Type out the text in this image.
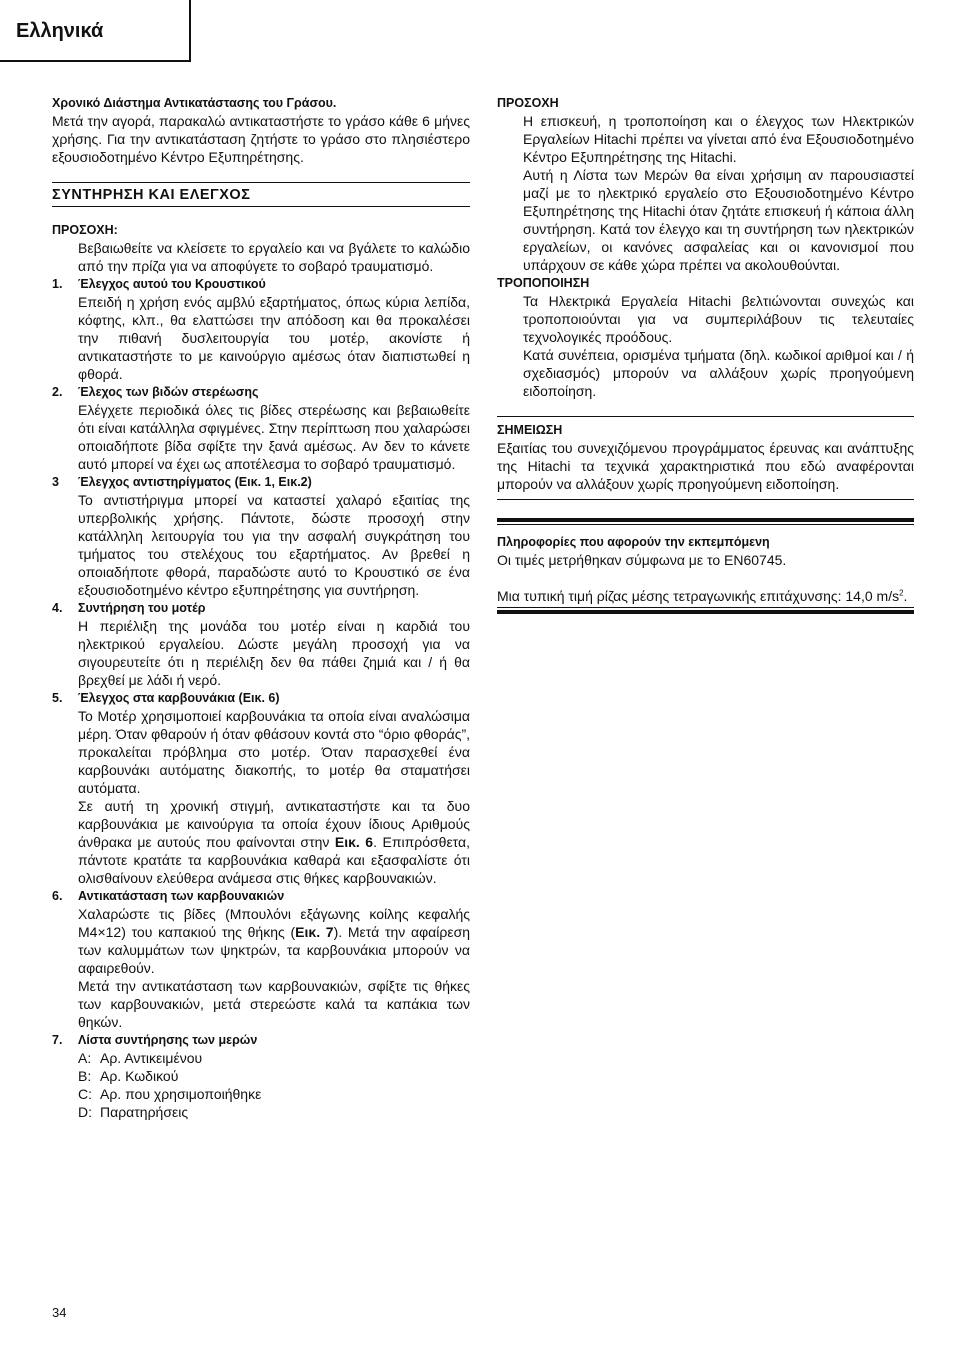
Ελληνικά
Χρονικό Διάστημα Αντικατάστασης του Γράσου.

Μετά την αγορά, παρακαλώ αντικαταστήστε το γράσο κάθε 6 μήνες χρήσης. Για την αντικατάσταση ζητήστε το γράσο στο πλησιέστερο εξουσιοδοτημένο Κέντρο Εξυπηρέτησης.

ΣΥΝΤΗΡΗΣΗ ΚΑΙ ΕΛΕΓΧΟΣ
ΠΡΟΣΟΧΗ:

Βεβαιωθείτε να κλείσετε το εργαλείο και να βγάλετε το καλώδιο από την πρίζα για να αποφύγετε το σοβαρό τραυματισμό.

1.	Έλεγχος αυτού του Κρουστικού

Επειδή η χρήση ενός αμβλύ εξαρτήματος, όπως κύρια λεπίδα, κόφτης, κλπ., θα ελαττώσει την απόδοση και θα προκαλέσει την πιθανή δυσλειτουργία του μοτέρ, ακονίστε ή αντικαταστήστε το με καινούργιο αμέσως όταν διαπιστωθεί η φθορά.

2.	Έλεχος των βιδών στερέωσης

Ελέγχετε περιοδικά όλες τις βίδες στερέωσης και βεβαιωθείτε ότι είναι κατάλληλα σφιγμένες. Στην περίπτωση που χαλαρώσει οποιαδήποτε βίδα σφίξτε την ξανά αμέσως. Αν δεν το κάνετε αυτό μπορεί να έχει ως αποτέλεσμα το σοβαρό τραυματισμό.

3	Έλεγχος αντιστηρίγματος (Εικ. 1, Εικ.2)

Το αντιστήριγμα μπορεί να καταστεί χαλαρό εξαιτίας της υπερβολικής χρήσης. Πάντοτε, δώστε προσοχή στην κατάλληλη λειτουργία του για την ασφαλή συγκράτηση του τμήματος του στελέχους του εξαρτήματος. Αν βρεθεί η οποιαδήποτε φθορά, παραδώστε αυτό το Κρουστικό σε ένα εξουσιοδοτημένο κέντρο εξυπηρέτησης για συντήρηση.

4.	Συντήρηση του μοτέρ

Η περιέλιξη της μονάδα του μοτέρ είναι η καρδιά του ηλεκτρικού εργαλείου. Δώστε μεγάλη προσοχή για να σιγουρευτείτε ότι η περιέλιξη δεν θα πάθει ζημιά και / ή θα βρεχθεί με λάδι ή νερό.

5.	Έλεγχος στα καρβουνάκια (Εικ. 6)

Το Μοτέρ χρησιμοποιεί καρβουνάκια τα οποία είναι αναλώσιμα μέρη. Όταν φθαρούν ή όταν φθάσουν κοντά στο “όριο φθοράς”, προκαλείται πρόβλημα στο μοτέρ. Όταν παρασχεθεί ένα καρβουνάκι αυτόματης διακοπής, το μοτέρ θα σταματήσει αυτόματα.

Σε αυτή τη χρονική στιγμή, αντικαταστήστε και τα δυο καρβουνάκια με καινούργια τα οποία έχουν ίδιους Αριθμούς άνθρακα με αυτούς που φαίνονται στην Εικ. 6. Επιπρόσθετα, πάντοτε κρατάτε τα καρβουνάκια καθαρά και εξασφαλίστε ότι ολισθαίνουν ελεύθερα ανάμεσα στις θήκες καρβουνακιών.

6.	Αντικατάσταση των καρβουνακιών

Χαλαρώστε τις βίδες (Μπουλόνι εξάγωνης κοίλης κεφαλής M4×12) του καπακιού της θήκης (Εικ. 7). Μετά την αφαίρεση των καλυμμάτων των ψηκτρών, τα καρβουνάκια μπορούν να αφαιρεθούν.

Μετά την αντικατάσταση των καρβουνακιών, σφίξτε τις θήκες των καρβουνακιών, μετά στερεώστε καλά τα καπάκια των θηκών.

7.	Λίστα συντήρησης των μερών
A: Αρ. Αντικειμένου
B: Αρ. Κωδικού
C: Αρ. που χρησιμοποιήθηκε
D: Παρατηρήσεις
ΠΡΟΣΟΧΗ

Η επισκευή, η τροποποίηση και ο έλεγχος των Ηλεκτρικών Εργαλείων Hitachi πρέπει να γίνεται από ένα Εξουσιοδοτημένο Κέντρο Εξυπηρέτησης της Hitachi.

Αυτή η Λίστα των Μερών θα είναι χρήσιμη αν παρουσιαστεί μαζί με το ηλεκτρικό εργαλείο στο Εξουσιοδοτημένο Κέντρο Εξυπηρέτησης της Hitachi όταν ζητάτε επισκευή ή κάποια άλλη συντήρηση. Κατά τον έλεγχο και τη συντήρηση των ηλεκτρικών εργαλείων, οι κανόνες ασφαλείας και οι κανονισμοί που υπάρχουν σε κάθε χώρα πρέπει να ακολουθούνται.

ΤΡΟΠΟΠΟΙΗΣΗ

Τα Ηλεκτρικά Εργαλεία Hitachi βελτιώνονται συνεχώς και τροποποιούνται για να συμπεριλάβουν τις τελευταίες τεχνολογικές προόδους.

Κατά συνέπεια, ορισμένα τμήματα (δηλ. κωδικοί αριθμοί και / ή σχεδιασμός) μπορούν να αλλάξουν χωρίς προηγούμενη ειδοποίηση.

ΣΗΜΕΙΩΣΗ

Εξαιτίας του συνεχιζόμενου προγράμματος έρευνας και ανάπτυξης της Hitachi τα τεχνικά χαρακτηριστικά που εδώ αναφέρονται μπορούν να αλλάξουν χωρίς προηγούμενη ειδοποίηση.

Πληροφορίες που αφορούν την εκπεμπόμενη

Οι τιμές μετρήθηκαν σύμφωνα με το EN60745.

Μια τυπική τιμή ρίζας μέσης τετραγωνικής επιτάχυνσης: 14,0 $m/s^2$.

34
